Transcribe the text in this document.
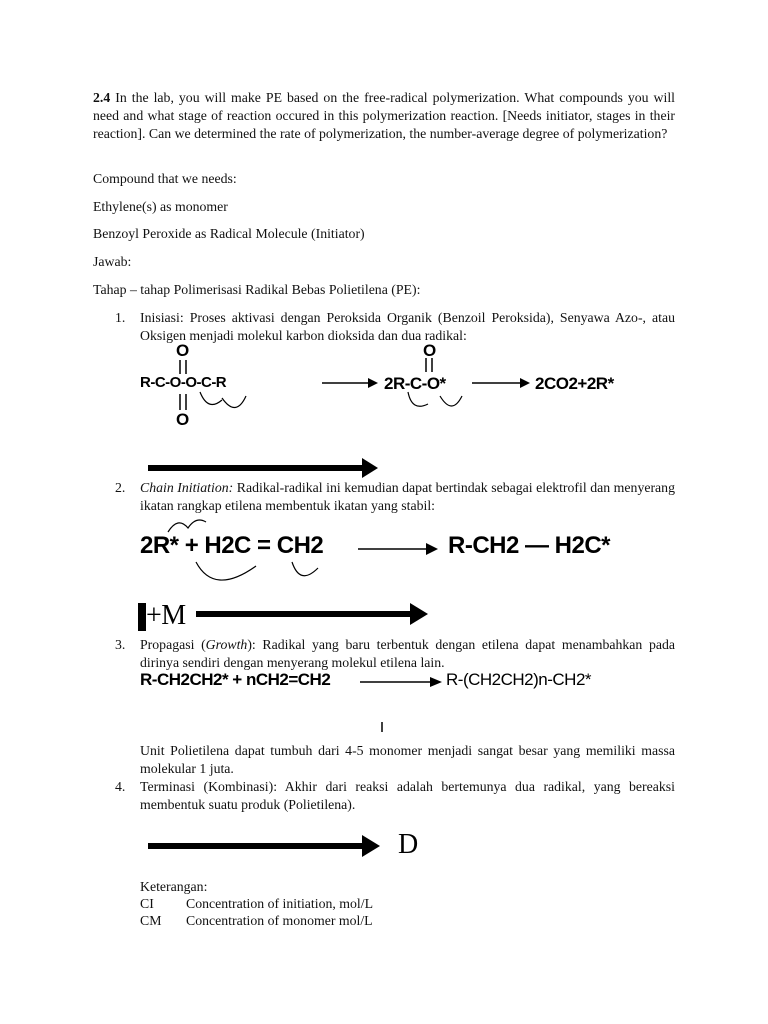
2.4 In the lab, you will make PE based on the free-radical polymerization. What compounds you will need and what stage of reaction occured in this polymerization reaction. [Needs initiator, stages in their reaction]. Can we determined the rate of polymerization, the number-average degree of polymerization?

Compound that we needs:

Ethylene(s) as monomer

Benzoyl Peroxide as Radical Molecule (Initiator)

Jawab:

Tahap – tahap Polimerisasi Radikal Bebas Polietilena (PE):

1.	Inisiasi: Proses aktivasi dengan Peroksida Organik (Benzoil Peroksida), Senyawa Azo-, atau Oksigen menjadi molekul karbon dioksida dan dua radikal:
O
O
R-C-O-O-C-R
O
2R-C-O*	2CO2+2R*
2.	Chain Initiation: Radikal-radikal ini kemudian dapat bertindak sebagai elektrofil dan menyerang ikatan rangkap etilena membentuk ikatan yang stabil:
2R* + H2C = CH2	R-CH2 — H2C*
+M
3.	Propagasi (Growth): Radikal yang baru terbentuk dengan etilena dapat menambahkan pada dirinya sendiri dengan menyerang molekul etilena lain.
R-CH2CH2* + nCH2=CH2	R-(CH2CH2)n-CH2*

Unit Polietilena dapat tumbuh dari 4-5 monomer menjadi sangat besar yang memiliki massa molekular 1 juta.

4.	Terminasi (Kombinasi): Akhir dari reaksi adalah bertemunya dua radikal, yang bereaksi membentuk suatu produk (Polietilena).
D
Keterangan:
CI	Concentration of initiation, mol/L
CM	Concentration of monomer mol/L
